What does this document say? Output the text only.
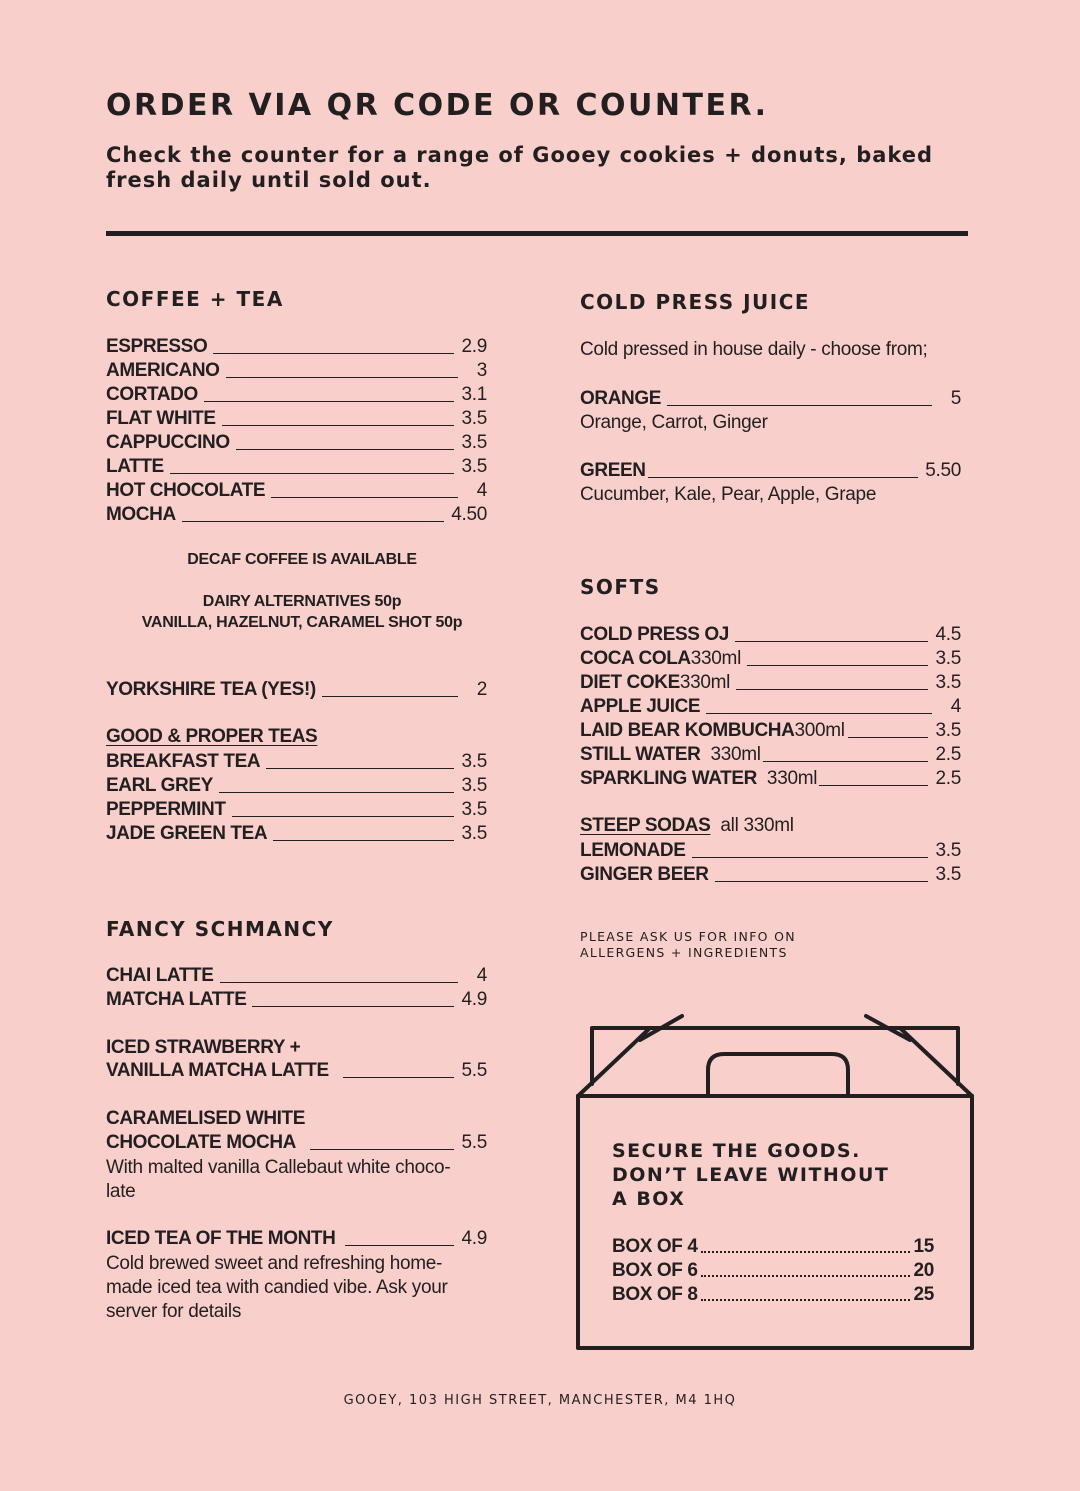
ORDER VIA QR CODE OR COUNTER.
Check the counter for a range of Gooey cookies + donuts, baked fresh daily until sold out.
COFFEE + TEA
ESPRESSO	2.9
AMERICANO	3
CORTADO	3.1
FLAT WHITE	3.5
CAPPUCCINO	3.5
LATTE	3.5
HOT CHOCOLATE	4
MOCHA	4.50
DECAF COFFEE IS AVAILABLE
DAIRY ALTERNATIVES 50p
VANILLA, HAZELNUT, CARAMEL SHOT 50p
YORKSHIRE TEA (YES!)	2
GOOD & PROPER TEAS
BREAKFAST TEA	3.5
EARL GREY	3.5
PEPPERMINT	3.5
JADE GREEN TEA	3.5
FANCY SCHMANCY
CHAI LATTE	4
MATCHA LATTE	4.9
ICED STRAWBERRY +
VANILLA MATCHA LATTE	5.5
CARAMELISED WHITE
CHOCOLATE MOCHA	5.5
With malted vanilla Callebaut white choco-
late
ICED TEA OF THE MONTH	4.9
Cold brewed sweet and refreshing home-
made iced tea with candied vibe. Ask your
server for details
COLD PRESS JUICE
Cold pressed in house daily - choose from;
ORANGE	5
Orange, Carrot, Ginger
GREEN	5.50
Cucumber, Kale, Pear, Apple, Grape
SOFTS
COLD PRESS OJ	4.5
COCA COLA 330ml	3.5
DIET COKE 330ml	3.5
APPLE JUICE	4
LAID BEAR KOMBUCHA 300ml	3.5
STILL WATER 330ml	2.5
SPARKLING WATER 330ml	2.5
STEEP SODAS all 330ml
LEMONADE	3.5
GINGER BEER	3.5
PLEASE ASK US FOR INFO ON
ALLERGENS + INGREDIENTS
SECURE THE GOODS.
DON’T LEAVE WITHOUT
A BOX
BOX OF 4	15
BOX OF 6	20
BOX OF 8	25
GOOEY, 103 HIGH STREET, MANCHESTER, M4 1HQ
